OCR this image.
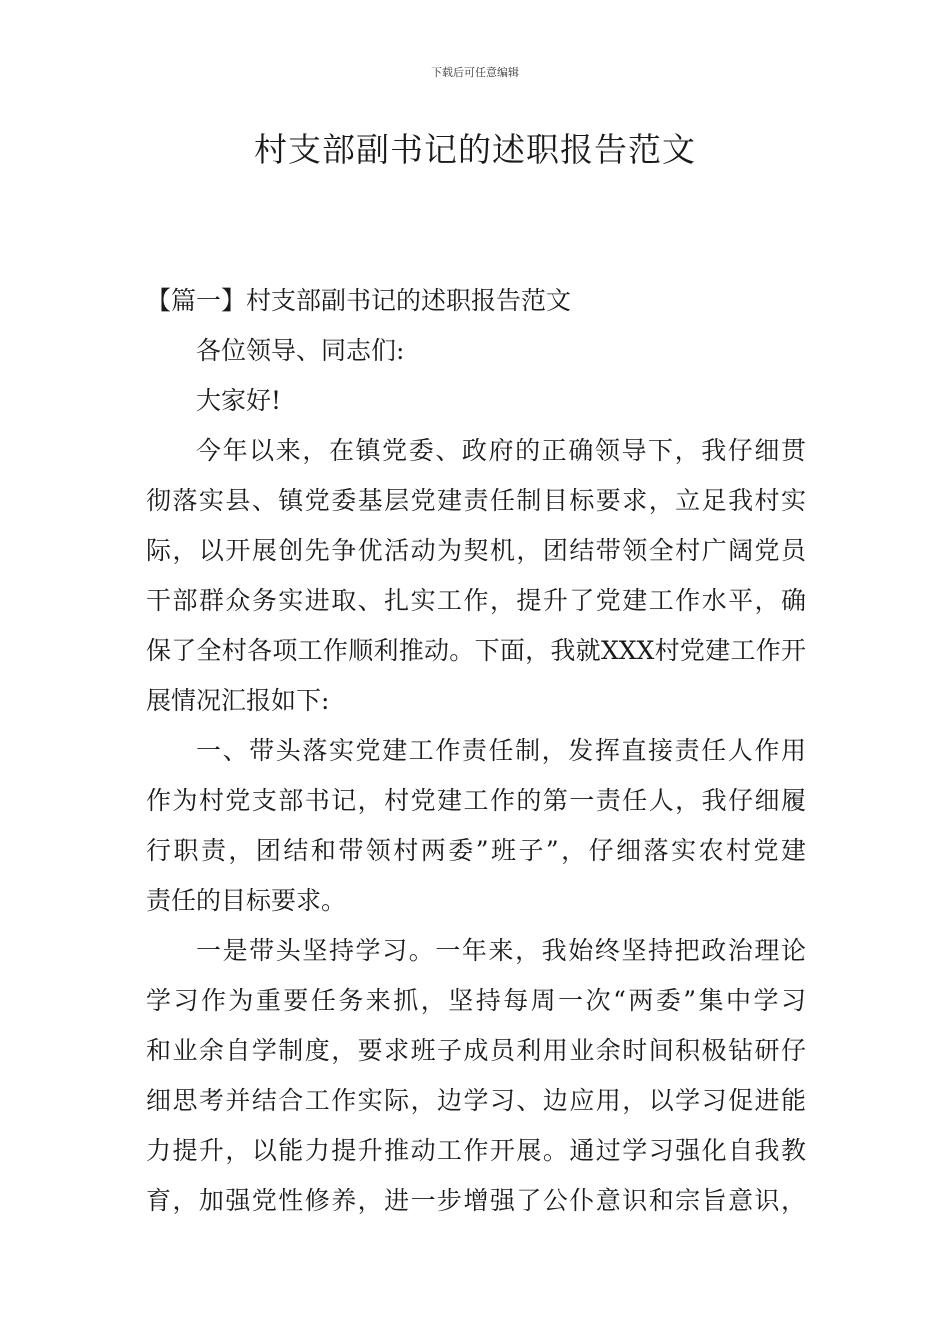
下载后可任意编辑
村支部副书记的述职报告范文
【篇一】村支部副书记的述职报告范文
各位领导、同志们:
大家好!
今年以来，在镇党委、政府的正确领导下，我仔细贯
彻落实县、镇党委基层党建责任制目标要求，立足我村实
际，以开展创先争优活动为契机，团结带领全村广阔党员
干部群众务实进取、扎实工作，提升了党建工作水平，确
保了全村各项工作顺利推动。下面，我就XXX村党建工作开
展情况汇报如下:
一、带头落实党建工作责任制，发挥直接责任人作用
作为村党支部书记，村党建工作的第一责任人，我仔细履
行职责，团结和带领村两委”班子”，仔细落实农村党建
责任的目标要求。
一是带头坚持学习。一年来，我始终坚持把政治理论
学习作为重要任务来抓，坚持每周一次“两委”集中学习
和业余自学制度，要求班子成员利用业余时间积极钻研仔
细思考并结合工作实际，边学习、边应用，以学习促进能
力提升，以能力提升推动工作开展。通过学习强化自我教
育，加强党性修养，进一步增强了公仆意识和宗旨意识，
